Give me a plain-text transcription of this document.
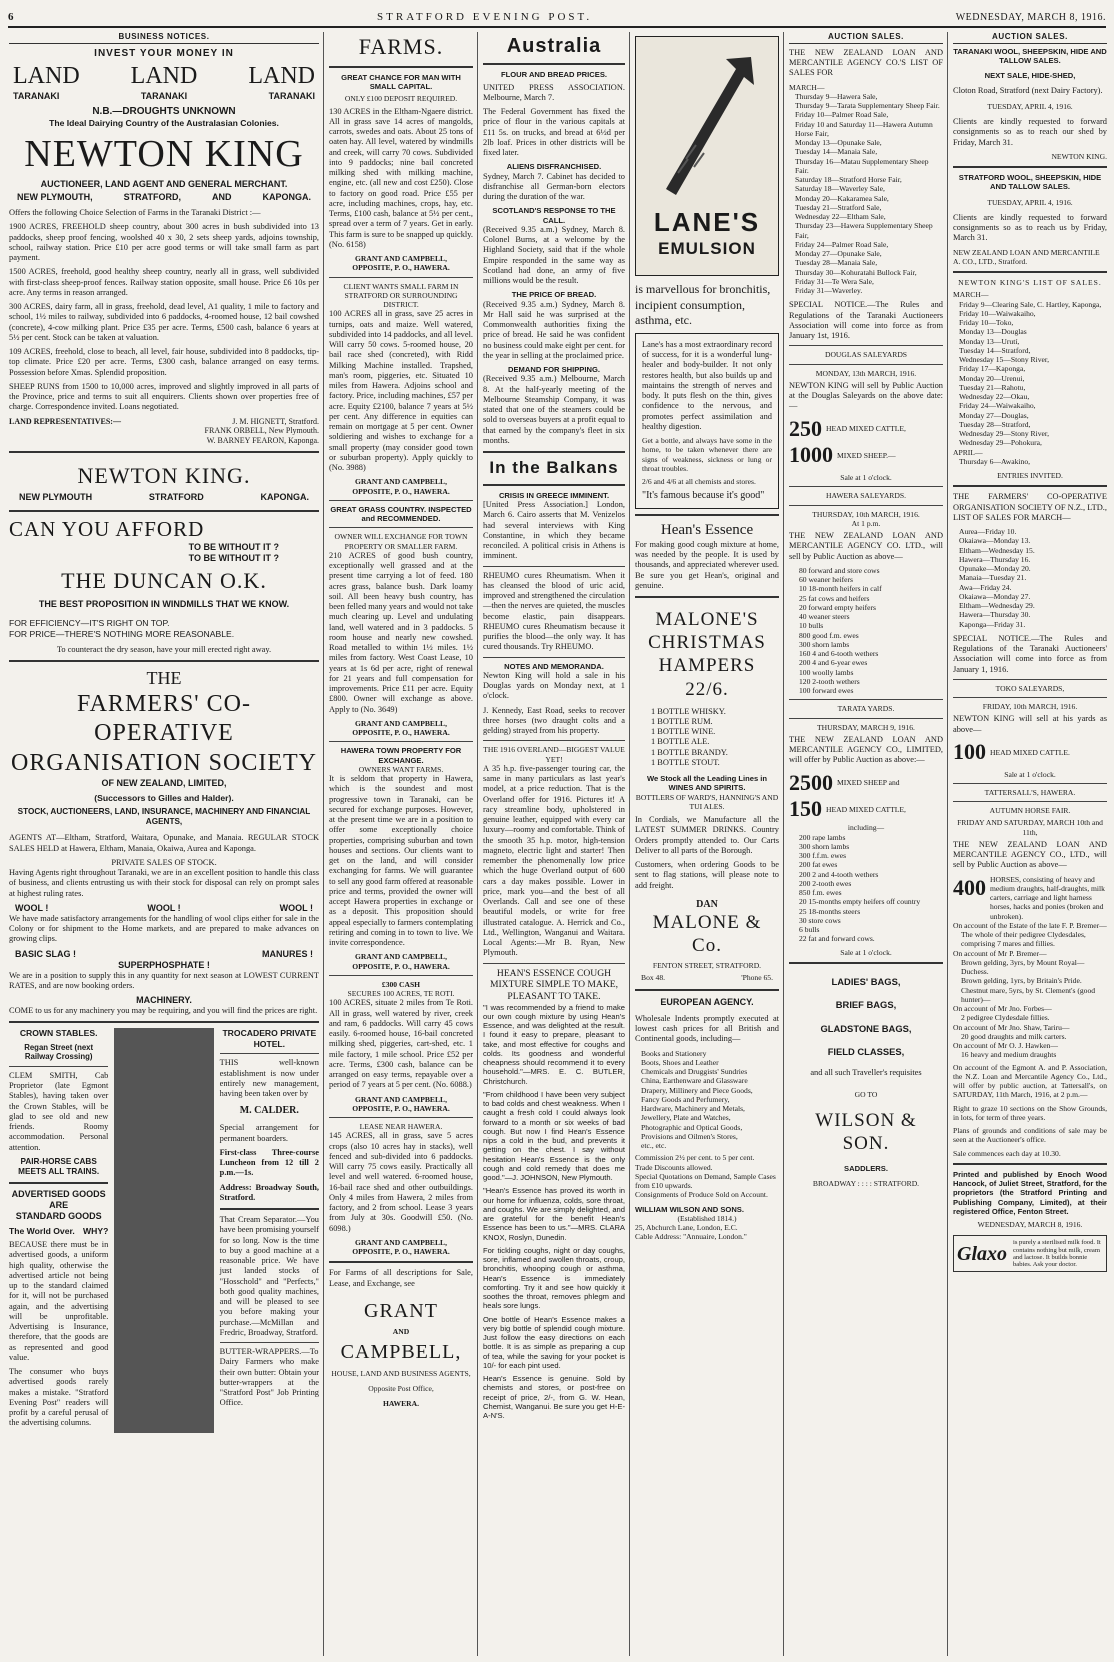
6	STRATFORD EVENING POST.	WEDNESDAY, MARCH 8, 1916.
BUSINESS NOTICES.
INVEST YOUR MONEY IN
LAND LAND LAND
TARANAKI	TARANAKI	TARANAKI
N.B.—DROUGHTS UNKNOWN
The Ideal Dairying Country of the Australasian Colonies.
NEWTON KING
AUCTIONEER, LAND AGENT AND GENERAL MERCHANT.
NEW PLYMOUTH,	STRATFORD,	AND	KAPONGA.
Offers the following Choice Selection of Farms in the Taranaki District :—
1900 ACRES, FREEHOLD sheep country, about 300 acres in bush subdivided into 13 paddocks, sheep proof fencing, woolshed 40 x 30, 2 sets sheep yards, adjoins township, school, railway station. Price £10 per acre good terms or will take small farm as part payment.
1500 ACRES, freehold, good healthy sheep country, nearly all in grass, well subdivided with first-class sheep-proof fences. Railway station opposite, small house. Price £6 10s per acre. Any terms in reason arranged.
300 ACRES, dairy farm, all in grass, freehold, dead level, A1 quality, 1 mile to factory and school, 1½ miles to railway, subdivided into 6 paddocks, 4-roomed house, 12 bail cowshed (concrete), 4-cow milking plant. Price £35 per acre. Terms, £500 cash, balance 6 years at 5½ per cent. Stock can be taken at valuation.
109 ACRES, freehold, close to beach, all level, fair house, subdivided into 8 paddocks, tip-top climate. Price £20 per acre. Terms, £300 cash, balance arranged on easy terms. Possession before Xmas. Splendid proposition.
SHEEP RUNS from 1500 to 10,000 acres, improved and slightly improved in all parts of the Province, price and terms to suit all enquirers. Clients shown over properties free of charge. Correspondence invited. Loans negotiated.
LAND REPRESENTATIVES:—	J. M. HIGNETT, Stratford.
FRANK ORBELL, New Plymouth.
W. BARNEY FEARON, Kaponga.
NEWTON KING.
NEW PLYMOUTH	STRATFORD	KAPONGA.
CAN YOU AFFORD
TO BE WITHOUT IT ?
TO BE WITHOUT IT ?
THE DUNCAN O.K.
THE BEST PROPOSITION IN WINDMILLS THAT WE KNOW.
FOR EFFICIENCY—IT'S RIGHT ON TOP.
FOR PRICE—THERE'S NOTHING MORE REASONABLE.
To counteract the dry season, have your mill erected right away.
THE
FARMERS' CO-OPERATIVE
ORGANISATION SOCIETY
OF NEW ZEALAND, LIMITED,
(Successors to Gilles and Halder).
STOCK, AUCTIONEERS, LAND, INSURANCE, MACHINERY AND FINANCIAL AGENTS,
AGENTS AT—Eltham, Stratford, Waitara, Opunake, and Manaia. REGULAR STOCK SALES HELD at Hawera, Eltham, Manaia, Okaiwa, Aurea and Kaponga.
PRIVATE SALES OF STOCK.
Having Agents right throughout Taranaki, we are in an excellent position to handle this class of business, and clients entrusting us with their stock for disposal can rely on prompt sales at highest ruling rates.
WOOL !	WOOL !	WOOL !
We have made satisfactory arrangements for the handling of wool clips either for sale in the Colony or for shipment to the Home markets, and are prepared to make advances on growing clips.
BASIC SLAG !	MANURES !
SUPERPHOSPHATE !
We are in a position to supply this in any quantity for next season at LOWEST CURRENT RATES, and are now booking orders.
MACHINERY.
COME to us for any machinery you may be requiring, and you will find the prices are right.
CROWN STABLES.
Regan Street (next Railway Crossing)
CLEM SMITH, Cab Proprietor (late Egmont Stables), having taken over the Crown Stables, will be glad to see old and new friends. Roomy accommodation. Personal attention.
PAIR-HORSE CABS MEETS ALL TRAINS.
ADVERTISED GOODS ARE
STANDARD GOODS
The World Over. WHY?
BECAUSE there must be in advertised goods, a uniform high quality, otherwise the advertised article not being up to the standard claimed for it, will not be purchased again, and the advertising will be unprofitable. Advertising is Insurance, therefore, that the goods are as represented and good value.
The consumer who buys advertised goods rarely makes a mistake. "Stratford Evening Post" readers will profit by a careful perusal of the advertising columns.
TROCADERO PRIVATE HOTEL.
THIS well-known establishment is now under entirely new management, having been taken over by
M. CALDER.
Special arrangement for permanent boarders.
First-class Three-course Luncheon from 12 till 2 p.m.—1s.
Address: Broadway South, Stratford.
That Cream Separator.—You have been promising yourself for so long. Now is the time to buy a good machine at a reasonable price. We have just landed stocks of "Hosschold" and "Perfects," both good quality machines, and will be pleased to see you before making your purchase.—McMillan and Fredric, Broadway, Stratford.
BUTTER-WRAPPERS.—To Dairy Farmers who make their own butter: Obtain your butter-wrappers at the "Stratford Post" Job Printing Office.
FARMS.
GREAT CHANCE FOR MAN WITH SMALL CAPITAL.
ONLY £100 DEPOSIT REQUIRED.
130 ACRES in the Eltham-Ngaere district. All in grass save 14 acres of mangolds, carrots, swedes and oats. About 25 tons of oaten hay. All level, watered by windmills and creek, will carry 70 cows. Subdivided into 9 paddocks; nine bail concreted milking shed with milking machine, engine, etc. (all new and cost £250). Close to factory on good road. Price £55 per acre, including machines, crops, hay, etc. Terms, £100 cash, balance at 5½ per cent., spread over a term of 7 years. Get in early. This farm is sure to be snapped up quickly. (No. 6158)
GRANT AND CAMPBELL,
OPPOSITE, P. O., HAWERA.
CLIENT WANTS SMALL FARM IN STRATFORD OR SURROUNDING DISTRICT.
100 ACRES all in grass, save 25 acres in turnips, oats and maize. Well watered, subdivided into 14 paddocks, and all level. Will carry 50 cows. 5-roomed house, 20 bail race shed (concreted), with Ridd Milking Machine installed. Trapshed, man's room, piggeries, etc. Situated 10 miles from Hawera. Adjoins school and factory. Price, including machines, £57 per acre. Equity £2100, balance 7 years at 5½ per cent. Any difference in equities can remain on mortgage at 5 per cent. Owner soldiering and wishes to exchange for a small property (may consider good town or suburban property). Apply quickly to (No. 3988)
GRANT AND CAMPBELL,
OPPOSITE, P. O., HAWERA.
GREAT GRASS COUNTRY. INSPECTED and RECOMMENDED.
OWNER WILL EXCHANGE FOR TOWN PROPERTY OR SMALLER FARM.
210 ACRES of good bush country, exceptionally well grassed and at the present time carrying a lot of feed. 180 acres grass, balance bush. Dark loamy soil. All been heavy bush country, has been felled many years and would not take much clearing up. Level and undulating land, well watered and in 3 paddocks. 5 room house and nearly new cowshed. Road metalled to within 1½ miles. 1½ miles from factory. West Coast Lease, 10 years at 1s 6d per acre, right of renewal for 21 years and full compensation for improvements. Price £11 per acre. Equity £800. Owner will exchange as above. Apply to (No. 3649)
GRANT AND CAMPBELL,
OPPOSITE, P. O., HAWERA.
HAWERA TOWN PROPERTY FOR EXCHANGE.
OWNERS WANT FARMS.
It is seldom that property in Hawera, which is the soundest and most progressive town in Taranaki, can be secured for exchange purposes. However, at the present time we are in a position to offer some exceptionally choice properties, comprising suburban and town houses and sections. Our clients want to get on the land, and will consider exchanging for farms. We will guarantee to sell any good farm offered at reasonable price and terms, provided the owner will accept Hawera properties in exchange or as a deposit. This proposition should appeal especially to farmers contemplating retiring and coming in to town to live. We invite correspondence.
GRANT AND CAMPBELL,
OPPOSITE, P. O., HAWERA.
£300 CASH
SECURES 100 ACRES, TE ROTI.
100 ACRES, situate 2 miles from Te Roti. All in grass, well watered by river, creek and ram, 6 paddocks. Will carry 45 cows easily. 6-roomed house, 16-bail concreted milking shed, piggeries, cart-shed, etc. 1 mile factory, 1 mile school. Price £52 per acre. Terms, £300 cash, balance can be arranged on easy terms, repayable over a period of 7 years at 5 per cent. (No. 6088.)
GRANT AND CAMPBELL,
OPPOSITE, P. O., HAWERA.
LEASE NEAR HAWERA.
145 ACRES, all in grass, save 5 acres crops (also 10 acres hay in stacks), well fenced and sub-divided into 6 paddocks. Will carry 75 cows easily. Practically all level and well watered. 6-roomed house, 16-bail race shed and other outbuildings. Only 4 miles from Hawera, 2 miles from factory, and 2 from school. Lease 3 years from July at 30s. Goodwill £50. (No. 6098.)
GRANT AND CAMPBELL,
OPPOSITE, P. O., HAWERA.
For Farms of all descriptions for Sale, Lease, and Exchange, see
GRANT
AND
CAMPBELL,
HOUSE, LAND AND BUSINESS AGENTS,
Opposite Post Office,
HAWERA.
Australia
FLOUR AND BREAD PRICES.
UNITED PRESS ASSOCIATION. Melbourne, March 7.
The Federal Government has fixed the price of flour in the various capitals at £11 5s. on trucks, and bread at 6½d per 2lb loaf. Prices in other districts will be fixed later.
ALIENS DISFRANCHISED.
Sydney, March 7. Cabinet has decided to disfranchise all German-born electors during the duration of the war.
SCOTLAND'S RESPONSE TO THE CALL.
(Received 9.35 a.m.) Sydney, March 8. Colonel Burns, at a welcome by the Highland Society, said that if the whole Empire responded in the same way as Scotland had done, an army of five millions would be the result.
THE PRICE OF BREAD.
(Received 9.35 a.m.) Sydney, March 8. Mr Hall said he was surprised at the Commonwealth authorities fixing the price of bread. He said he was confident no business could make eight per cent. for the year in selling at the proclaimed price.
DEMAND FOR SHIPPING.
(Received 9.35 a.m.) Melbourne, March 8. At the half-yearly meeting of the Melbourne Steamship Company, it was stated that one of the steamers could be sold to overseas buyers at a profit equal to that earned by the company's fleet in six months.
In the Balkans
CRISIS IN GREECE IMMINENT.
[United Press Association.] London, March 6. Cairo asserts that M. Venizelos had several interviews with King Constantine, in which they became reconciled. A political crisis in Athens is imminent.
RHEUMO cures Rheumatism. When it has cleansed the blood of uric acid, improved and strengthened the circulation—then the nerves are quieted, the muscles become elastic, pain disappears. RHEUMO cures Rheumatism because it purifies the blood—the only way. It has cured thousands. Try RHEUMO.
NOTES AND MEMORANDA.
Newton King will hold a sale in his Douglas yards on Monday next, at 1 o'clock.
J. Kennedy, East Road, seeks to recover three horses (two draught colts and a gelding) strayed from his property.
THE 1916 OVERLAND—BIGGEST VALUE YET!
A 35 h.p. five-passenger touring car, the same in many particulars as last year's model, at a price reduction. That is the Overland offer for 1916. Pictures it! A racy streamline body, upholstered in genuine leather, equipped with every car luxury—roomy and comfortable. Think of the smooth 35 h.p. motor, high-tension magneto, electric light and starter! Then remember the phenomenally low price which the huge Overland output of 600 cars a day makes possible. Lower in price, mark you—and the best of all Overlands. Call and see one of these beautiful models, or write for free illustrated catalogue. A. Herrick and Co., Ltd., Wellington, Wanganui and Waitara. Local Agents:—Mr B. Ryan, New Plymouth.
HEAN'S ESSENCE COUGH MIXTURE SIMPLE TO MAKE, PLEASANT TO TAKE.
"I was recommended by a friend to make our own cough mixture by using Hean's Essence, and was delighted at the result. I found it easy to prepare, pleasant to take, and most effective for coughs and colds. Its goodness and wonderful cheapness should recommend it to every household."—MRS. E. C. BUTLER, Christchurch.
"From childhood I have been very subject to bad colds and chest weakness. When I caught a fresh cold I could always look forward to a month or six weeks of bad cough. But now I find Hean's Essence nips a cold in the bud, and prevents it getting on the chest. I say without hesitation Hean's Essence is the only cough and cold remedy that does me good."—J. JOHNSON, New Plymouth.
"Hean's Essence has proved its worth in our home for influenza, colds, sore throat, and coughs. We are simply delighted, and are grateful for the benefit Hean's Essence has been to us."—MRS. CLARA KNOX, Roslyn, Dunedin.
For tickling coughs, night or day coughs, sore, inflamed and swollen throats, croup, bronchitis, whooping cough or asthma, Hean's Essence is immediately comforting. Try it and see how quickly it soothes the throat, removes phlegm and heals sore lungs.
One bottle of Hean's Essence makes a very big bottle of splendid cough mixture. Just follow the easy directions on each bottle. It is as simple as preparing a cup of tea, while the saving for your pocket is 10/- for each pint used.
Hean's Essence is genuine. Sold by chemists and stores, or post-free on receipt of price, 2/-, from G. W. Hean, Chemist, Wanganui. Be sure you get H-E-A-N'S.
LANE'S
EMULSION
is marvellous for bronchitis, incipient consumption, asthma, etc.
Lane's has a most extraordinary record of success, for it is a wonderful lung-healer and body-builder. It not only restores health, but also builds up and maintains the strength of nerves and body. It puts flesh on the thin, gives confidence to the nervous, and promotes perfect assimilation and healthy digestion.
Get a bottle, and always have some in the home, to be taken whenever there are signs of weakness, sickness or lung or throat troubles.
2/6 and 4/6 at all chemists and stores.
"It's famous because it's good"
Hean's Essence
For making good cough mixture at home, was needed by the people. It is used by thousands, and appreciated wherever used. Be sure you get Hean's, original and genuine.
MALONE'S
CHRISTMAS
HAMPERS
22/6.
1 BOTTLE WHISKY.
1 BOTTLE RUM.
1 BOTTLE WINE.
1 BOTTLE ALE.
1 BOTTLE BRANDY.
1 BOTTLE STOUT.
We Stock all the Leading Lines in WINES AND SPIRITS.
BOTTLERS OF WARD'S, HANNING'S AND TUI ALES.
In Cordials, we Manufacture all the LATEST SUMMER DRINKS. Country Orders promptly attended to. Our Carts Deliver to all parts of the Borough.
Customers, when ordering Goods to be sent to flag stations, will please note to add freight.
DAN
MALONE & Co.
FENTON STREET, STRATFORD.
Box 48.	'Phone 65.
EUROPEAN AGENCY.
Wholesale Indents promptly executed at lowest cash prices for all British and Continental goods, including—
Books and Stationery
Boots, Shoes and Leather
Chemicals and Druggists' Sundries
China, Earthenware and Glassware
Drapery, Millinery and Piece Goods,
Fancy Goods and Perfumery,
Hardware, Machinery and Metals,
Jewellery, Plate and Watches,
Photographic and Optical Goods,
Provisions and Oilmen's Stores,
etc., etc.
Commission 2½ per cent. to 5 per cent.
Trade Discounts allowed.
Special Quotations on Demand, Sample Cases from £10 upwards.
Consignments of Produce Sold on Account.
WILLIAM WILSON AND SONS.
(Established 1814.)
25, Abchurch Lane, London, E.C.
Cable Address: "Annuaire, London."
AUCTION SALES.
THE NEW ZEALAND LOAN AND MERCANTILE AGENCY CO.'S LIST OF SALES FOR
MARCH—
Thursday 9—Hawera Sale,
Thursday 9—Tarata Supplementary Sheep Fair.
Friday 10—Palmer Road Sale,
Friday 10 and Saturday 11—Hawera Autumn Horse Fair,
Monday 13—Opunake Sale,
Tuesday 14—Manaia Sale,
Thursday 16—Matau Supplementary Sheep Fair.
Saturday 18—Stratford Horse Fair,
Saturday 18—Waverley Sale,
Monday 20—Kakaramea Sale,
Tuesday 21—Stratford Sale,
Wednesday 22—Eltham Sale,
Thursday 23—Hawera Supplementary Sheep Fair,
Friday 24—Palmer Road Sale,
Monday 27—Opunake Sale,
Tuesday 28—Manaia Sale,
Thursday 30—Kohuratahi Bullock Fair,
Friday 31—Te Wera Sale,
Friday 31—Waverley.
SPECIAL NOTICE.—The Rules and Regulations of the Taranaki Auctioneers Association will come into force as from January 1st, 1916.
DOUGLAS SALEYARDS
MONDAY, 13th MARCH, 1916.
NEWTON KING will sell by Public Auction at the Douglas Saleyards on the above date:—
250 HEAD MIXED CATTLE,
1000 MIXED SHEEP.—
Sale at 1 o'clock.
HAWERA SALEYARDS.
THURSDAY, 10th MARCH, 1916.
At 1 p.m.
THE NEW ZEALAND LOAN AND MERCANTILE AGENCY CO. LTD., will sell by Public Auction as above—
80 forward and store cows
60 weaner heifers
10 18-month heifers in calf
25 fat cows and heifers
20 forward empty heifers
40 weaner steers
10 bulls
800 good f.m. ewes
300 shorn lambs
160 4 and 6-tooth wethers
200 4 and 6-year ewes
100 woolly lambs
120 2-tooth wethers
100 forward ewes
TARATA YARDS.
THURSDAY, MARCH 9, 1916.
THE NEW ZEALAND LOAN AND MERCANTILE AGENCY CO., LIMITED, will offer by Public Auction as above:—
2500 MIXED SHEEP and
150 HEAD MIXED CATTLE,
including—
200 rape lambs
300 shorn lambs
300 f.f.m. ewes
200 fat ewes
200 2 and 4-tooth wethers
200 2-tooth ewes
850 f.m. ewes
20 15-months empty heifers off country
25 18-months steers
30 store cows
6 bulls
22 fat and forward cows.
Sale at 1 o'clock.
LADIES' BAGS,
BRIEF BAGS,
GLADSTONE BAGS,
FIELD CLASSES,
and all such Traveller's requisites
GO TO
WILSON &
SON.
SADDLERS.
BROADWAY : : : : STRATFORD.
AUCTION SALES.
TARANAKI WOOL, SHEEPSKIN, HIDE AND TALLOW SALES.
NEXT SALE, HIDE-SHED,
Cloton Road, Stratford (next Dairy Factory).
TUESDAY, APRIL 4, 1916.
Clients are kindly requested to forward consignments so as to reach our shed by Friday, March 31.
NEWTON KING.
STRATFORD WOOL, SHEEPSKIN, HIDE AND TALLOW SALES.
TUESDAY, APRIL 4, 1916.
Clients are kindly requested to forward consignments so as to reach us by Friday, March 31.
NEW ZEALAND LOAN AND MERCANTILE A. CO., LTD., Stratford.
NEWTON KING'S LIST OF SALES.
MARCH—
Friday 9—Clearing Sale, C. Hartley, Kaponga,
Friday 10—Waiwakaiho,
Friday 10—Toko,
Monday 13—Douglas
Monday 13—Urutí,
Tuesday 14—Stratford,
Wednesday 15—Stony River,
Friday 17—Kaponga,
Monday 20—Urenui,
Tuesday 21—Rahotu,
Wednesday 22—Okau,
Friday 24—Waiwakaiho,
Monday 27—Douglas,
Tuesday 28—Stratford,
Wednesday 29—Stony River,
Wednesday 29—Pohokura,
APRIL—
Thursday 6—Awakino,
ENTRIES INVITED.
THE FARMERS' CO-OPERATIVE ORGANISATION SOCIETY OF N.Z., LTD., LIST OF SALES FOR MARCH—
Aurea—Friday 10.
Okaiawa—Monday 13.
Eltham—Wednesday 15.
Hawera—Thursday 16.
Opunake—Monday 20.
Manaia—Tuesday 21.
Awa—Friday 24.
Okaiawa—Monday 27.
Eltham—Wednesday 29.
Hawera—Thursday 30.
Kaponga—Friday 31.
SPECIAL NOTICE.—The Rules and Regulations of the Taranaki Auctioneers' Association will come into force as from January 1, 1916.
TOKO SALEYARDS,
FRIDAY, 10th MARCH, 1916.
NEWTON KING will sell at his yards as above—
100 HEAD MIXED CATTLE.
Sale at 1 o'clock.
TATTERSALL'S, HAWERA.
AUTUMN HORSE FAIR.
FRIDAY AND SATURDAY, MARCH 10th and 11th,
THE NEW ZEALAND LOAN AND MERCANTILE AGENCY CO., LTD., will sell by Public Auction as above—
400 HORSES, consisting of heavy and medium draughts, half-draughts, milk carters, carriage and light harness horses, hacks and ponies (broken and unbroken).
On account of the Estate of the late F. P. Bremer—
The whole of their pedigree Clydesdales, comprising 7 mares and fillies.
On account of Mr P. Bremer—
Brown gelding, 3yrs, by Mount Royal—Duchess.
Brown gelding, 1yrs, by Britain's Pride.
Chestnut mare, 5yrs, by St. Clement's (good hunter)—
On account of Mr Jno. Forbes—
2 pedigree Clydesdale fillies.
On account of Mr Jno. Shaw, Tariru—
20 good draughts and milk carters.
On account of Mr O. J. Hawken—
16 heavy and medium draughts
On account of the Egmont A. and P. Association, the N.Z. Loan and Mercantile Agency Co., Ltd., will offer by public auction, at Tattersall's, on SATURDAY, 11th March, 1916, at 2 p.m.—
Right to graze 10 sections on the Show Grounds, in lots, for term of three years.
Plans of grounds and conditions of sale may be seen at the Auctioneer's office.
Sale commences each day at 10.30.
Printed and published by Enoch Wood Hancock, of Juliet Street, Stratford, for the proprietors (the Stratford Printing and Publishing Company, Limited), at their registered Office, Fenton Street.
WEDNESDAY, MARCH 8, 1916.
Glaxo is purely a sterilised milk food. It contains nothing but milk, cream and lactose. It builds bonnie babies. Ask your doctor.
